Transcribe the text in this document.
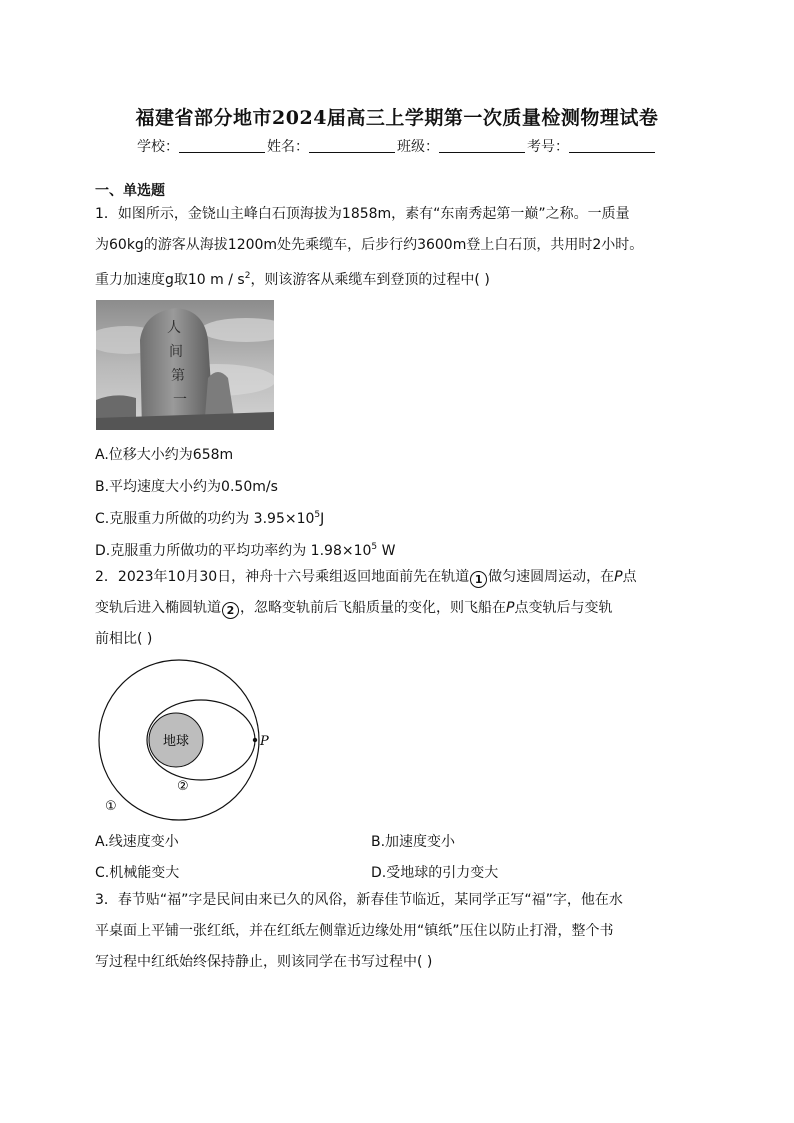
福建省部分地市2024届高三上学期第一次质量检测物理试卷
学校：	姓名：	班级：	考号：
一、单选题
1．如图所示，金铙山主峰白石顶海拔为1858m，素有“东南秀起第一巅”之称。一质量
为60kg的游客从海拔1200m处先乘缆车，后步行约3600m登上白石顶，共用时2小时。
重力加速度g取10 m / $s^2$，则该游客从乘缆车到登顶的过程中( )
人
间
第
一
A.位移大小约为658m
B.平均速度大小约为0.50m/s
C.克服重力所做的功约为 $3.95\times 10^5J$
D.克服重力所做功的平均功率约为 $1.98\times 10^5$ W
2．2023年10月30日，神舟十六号乘组返回地面前先在轨道 1 做匀速圆周运动，在P点
变轨后进入椭圆轨道 2 ，忽略变轨前后飞船质量的变化，则飞船在P点变轨后与变轨
前相比( )
地球	P
②
①
A.线速度变小	B.加速度变小
C.机械能变大	D.受地球的引力变大
3．春节贴“福”字是民间由来已久的风俗，新春佳节临近，某同学正写“福”字，他在水
平桌面上平铺一张红纸，并在红纸左侧靠近边缘处用“镇纸”压住以防止打滑，整个书
写过程中红纸始终保持静止，则该同学在书写过程中( )
